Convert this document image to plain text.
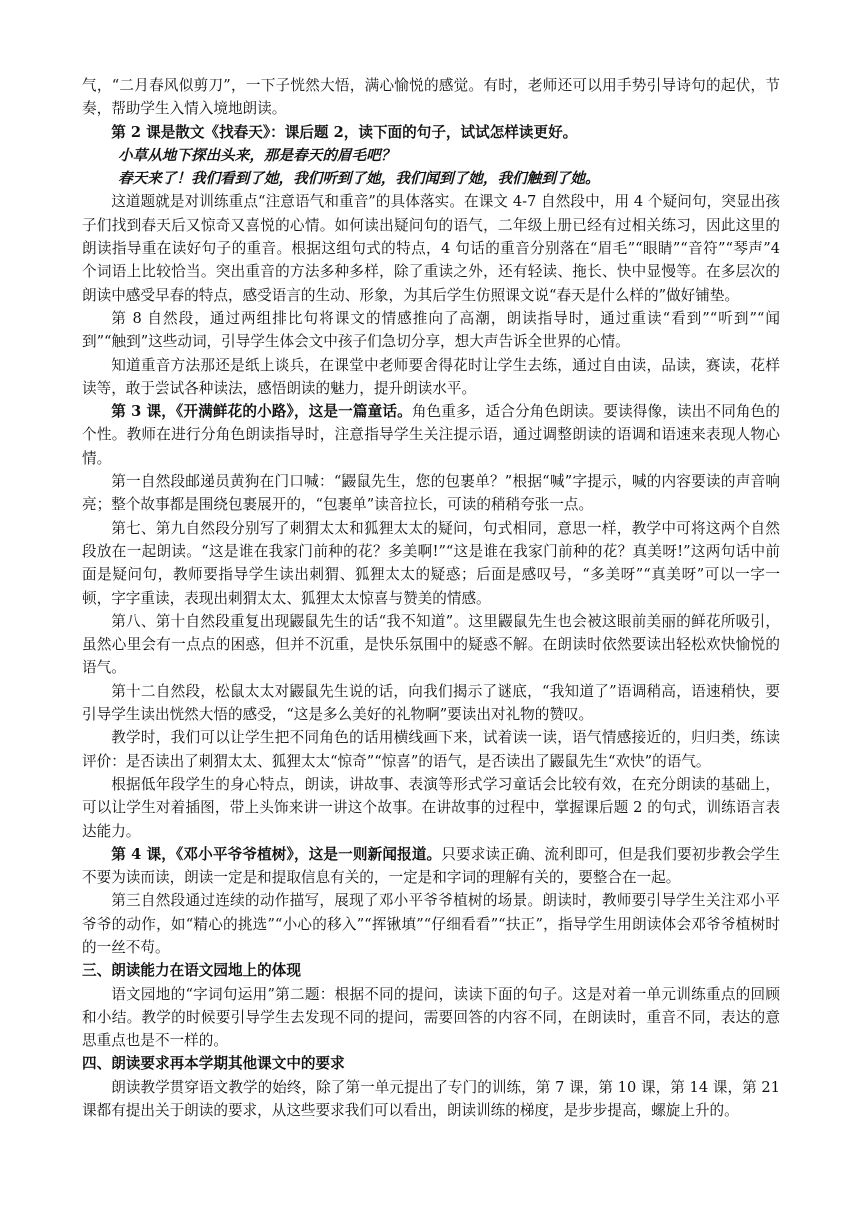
气，“二月春风似剪刀”，一下子恍然大悟，满心愉悦的感觉。有时，老师还可以用手势引导诗句的起伏，节奏，帮助学生入情入境地朗读。

第 2 课是散文《找春天》：课后题 2，读下面的句子，试试怎样读更好。

小草从地下探出头来，那是春天的眉毛吧？

春天来了！我们看到了她，我们听到了她，我们闻到了她，我们触到了她。

这道题就是对训练重点“注意语气和重音”的具体落实。在课文 4-7 自然段中，用 4 个疑问句，突显出孩子们找到春天后又惊奇又喜悦的心情。如何读出疑问句的语气，二年级上册已经有过相关练习，因此这里的朗读指导重在读好句子的重音。根据这组句式的特点，4 句话的重音分别落在“眉毛”“眼睛”“音符”“琴声”4 个词语上比较恰当。突出重音的方法多种多样，除了重读之外，还有轻读、拖长、快中显慢等。在多层次的朗读中感受早春的特点，感受语言的生动、形象，为其后学生仿照课文说“春天是什么样的”做好铺垫。

第 8 自然段，通过两组排比句将课文的情感推向了高潮，朗读指导时，通过重读“看到”“听到”“闻到”“触到”这些动词，引导学生体会文中孩子们急切分享，想大声告诉全世界的心情。

知道重音方法那还是纸上谈兵，在课堂中老师要舍得花时让学生去练，通过自由读，品读，赛读，花样读等，敢于尝试各种读法，感悟朗读的魅力，提升朗读水平。

第 3 课，《开满鲜花的小路》，这是一篇童话。角色重多，适合分角色朗读。要读得像，读出不同角色的个性。教师在进行分角色朗读指导时，注意指导学生关注提示语，通过调整朗读的语调和语速来表现人物心情。

第一自然段邮递员黄狗在门口喊：“鼹鼠先生，您的包裹单？”根据“喊”字提示，喊的内容要读的声音响亮；整个故事都是围绕包裹展开的，“包裹单”读音拉长，可读的稍稍夸张一点。

第七、第九自然段分别写了刺猬太太和狐狸太太的疑问，句式相同，意思一样，教学中可将这两个自然段放在一起朗读。“这是谁在我家门前种的花？多美啊!”“这是谁在我家门前种的花？真美呀!”这两句话中前面是疑问句，教师要指导学生读出刺猬、狐狸太太的疑惑；后面是感叹号，“多美呀”“真美呀”可以一字一顿，字字重读，表现出刺猬太太、狐狸太太惊喜与赞美的情感。

第八、第十自然段重复出现鼹鼠先生的话“我不知道”。这里鼹鼠先生也会被这眼前美丽的鲜花所吸引，虽然心里会有一点点的困惑，但并不沉重，是快乐氛围中的疑惑不解。在朗读时依然要读出轻松欢快愉悦的语气。

第十二自然段，松鼠太太对鼹鼠先生说的话，向我们揭示了谜底，“我知道了”语调稍高，语速稍快，要引导学生读出恍然大悟的感受，“这是多么美好的礼物啊”要读出对礼物的赞叹。

教学时，我们可以让学生把不同角色的话用横线画下来，试着读一读，语气情感接近的，归归类，练读评价：是否读出了刺猬太太、狐狸太太“惊奇”“惊喜”的语气，是否读出了鼹鼠先生“欢快”的语气。

根据低年段学生的身心特点，朗读，讲故事、表演等形式学习童话会比较有效，在充分朗读的基础上，可以让学生对着插图，带上头饰来讲一讲这个故事。在讲故事的过程中，掌握课后题 2 的句式，训练语言表达能力。

第 4 课，《邓小平爷爷植树》，这是一则新闻报道。只要求读正确、流利即可，但是我们要初步教会学生不要为读而读，朗读一定是和提取信息有关的，一定是和字词的理解有关的，要整合在一起。

第三自然段通过连续的动作描写，展现了邓小平爷爷植树的场景。朗读时，教师要引导学生关注邓小平爷爷的动作，如“精心的挑选”“小心的移入”“挥锹填”“仔细看看”“扶正”，指导学生用朗读体会邓爷爷植树时的一丝不苟。

三、朗读能力在语文园地上的体现

语文园地的“字词句运用”第二题：根据不同的提问，读读下面的句子。这是对着一单元训练重点的回顾和小结。教学的时候要引导学生去发现不同的提问，需要回答的内容不同，在朗读时，重音不同，表达的意思重点也是不一样的。

四、朗读要求再本学期其他课文中的要求

朗读教学贯穿语文教学的始终，除了第一单元提出了专门的训练，第 7 课，第 10 课，第 14 课，第 21 课都有提出关于朗读的要求，从这些要求我们可以看出，朗读训练的梯度，是步步提高，螺旋上升的。
